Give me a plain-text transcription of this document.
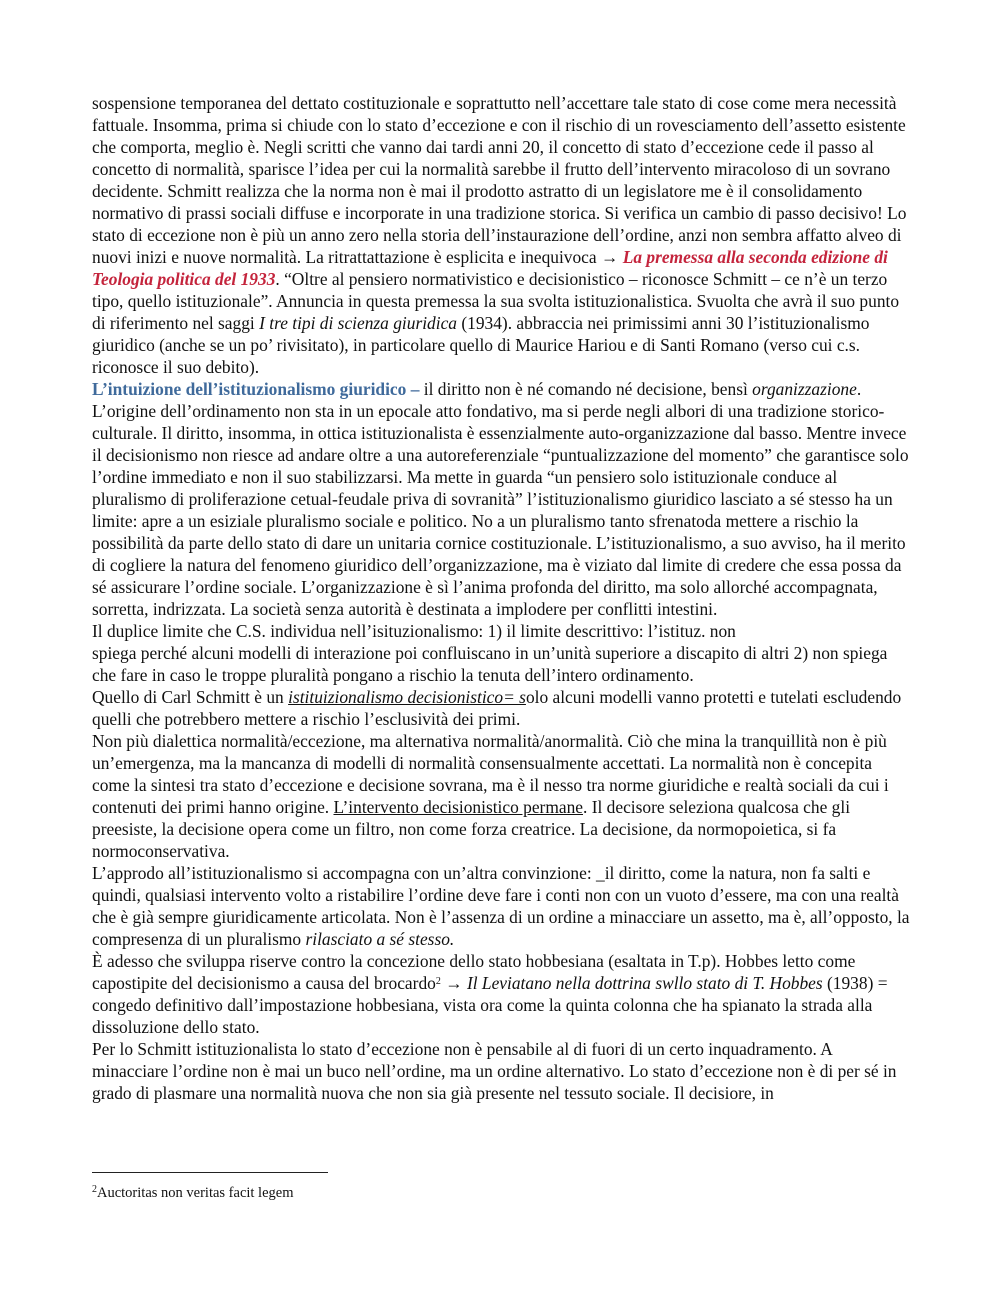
sospensione temporanea del dettato costituzionale e soprattutto nell’accettare tale stato di cose come mera necessità fattuale. Insomma, prima si chiude con lo stato d’eccezione e con il rischio di un rovesciamento dell’assetto esistente che comporta, meglio è. Negli scritti che vanno dai tardi anni 20, il concetto di stato d’eccezione cede il passo al concetto di normalità, sparisce l’idea per cui la normalità sarebbe il frutto dell’intervento miracoloso di un sovrano decidente. Schmitt realizza che la norma non è mai il prodotto astratto di un legislatore me è il consolidamento normativo di prassi sociali diffuse e incorporate in una tradizione storica. Si verifica un cambio di passo decisivo! Lo stato di eccezione non è più un anno zero nella storia dell’instaurazione dell’ordine, anzi non sembra affatto alveo di nuovi inizi e nuove normalità. La ritrattattazione è esplicita e inequivoca → La premessa alla seconda edizione di Teologia politica del 1933. “Oltre al pensiero normativistico e decisionistico – riconosce Schmitt – ce n’è un terzo tipo, quello istituzionale”. Annuncia in questa premessa la sua svolta istituzionalistica. Svuolta che avrà il suo punto di riferimento nel saggi I tre tipi di scienza giuridica (1934). abbraccia nei primissimi anni 30 l’istituzionalismo giuridico (anche se un po’ rivisitato), in particolare quello di Maurice Hariou e di Santi Romano (verso cui c.s. riconosce il suo debito).

L’intuizione dell’istituzionalismo giuridico – il diritto non è né comando né decisione, bensì organizzazione. L’origine dell’ordinamento non sta in un epocale atto fondativo, ma si perde negli albori di una tradizione storico-culturale. Il diritto, insomma, in ottica istituzionalista è essenzialmente auto-organizzazione dal basso. Mentre invece il decisionismo non riesce ad andare oltre a una autoreferenziale “puntualizzazione del momento” che garantisce solo l’ordine immediato e non il suo stabilizzarsi. Ma mette in guarda “un pensiero solo istituzionale conduce al pluralismo di proliferazione cetual-feudale priva di sovranità” l’istituzionalismo giuridico lasciato a sé stesso ha un limite: apre a un esiziale pluralismo sociale e politico. No a un pluralismo tanto sfrenatoda mettere a rischio la possibilità da parte dello stato di dare un unitaria cornice costituzionale. L’istituzionalismo, a suo avviso, ha il merito di cogliere la natura del fenomeno giuridico dell’organizzazione, ma è viziato dal limite di credere che essa possa da sé assicurare l’ordine sociale. L’organizzazione è sì l’anima profonda del diritto, ma solo allorché accompagnata, sorretta, indrizzata. La società senza autorità è destinata a implodere per conflitti intestini.

Il duplice limite che C.S. individua nell’isituzionalismo: 1) il limite descrittivo: l’istituz. non
spiega perché alcuni modelli di interazione poi confluiscano in un’unità superiore a discapito di altri 2) non spiega che fare in caso le troppe pluralità pongano a rischio la tenuta dell’intero ordinamento.

Quello di Carl Schmitt è un istituizionalismo decisionistico= solo alcuni modelli vanno protetti e tutelati escludendo quelli che potrebbero mettere a rischio l’esclusività dei primi.

Non più dialettica normalità/eccezione, ma alternativa normalità/anormalità. Ciò che mina la tranquillità non è più un’emergenza, ma la mancanza di modelli di normalità consensualmente accettati. La normalità non è concepita come la sintesi tra stato d’eccezione e decisione sovrana, ma è il nesso tra norme giuridiche e realtà sociali da cui i contenuti dei primi hanno origine. L’intervento decisionistico permane. Il decisore seleziona qualcosa che gli preesiste, la decisione opera come un filtro, non come forza creatrice. La decisione, da normopoietica, si fa normoconservativa.

L’approdo all’istituzionalismo si accompagna con un’altra convinzione: _il diritto, come la natura, non fa salti e quindi, qualsiasi intervento volto a ristabilire l’ordine deve fare i conti non con un vuoto d’essere, ma con una realtà che è già sempre giuridicamente articolata. Non è l’assenza di un ordine a minacciare un assetto, ma è, all’opposto, la compresenza di un pluralismo rilasciato a sé stesso.

È adesso che sviluppa riserve contro la concezione dello stato hobbesiana (esaltata in T.p). Hobbes letto come capostipite del decisionismo a causa del brocardo$^2$ → Il Leviatano nella dottrina swllo stato di T. Hobbes (1938) = congedo definitivo dall’impostazione hobbesiana, vista ora come la quinta colonna che ha spianato la strada alla dissoluzione dello stato.

Per lo Schmitt istituzionalista lo stato d’eccezione non è pensabile al di fuori di un certo inquadramento. A minacciare l’ordine non è mai un buco nell’ordine, ma un ordine alternativo. Lo stato d’eccezione non è di per sé in grado di plasmare una normalità nuova che non sia già presente nel tessuto sociale. Il decisiore, in

$^2$Auctoritas non veritas facit legem
